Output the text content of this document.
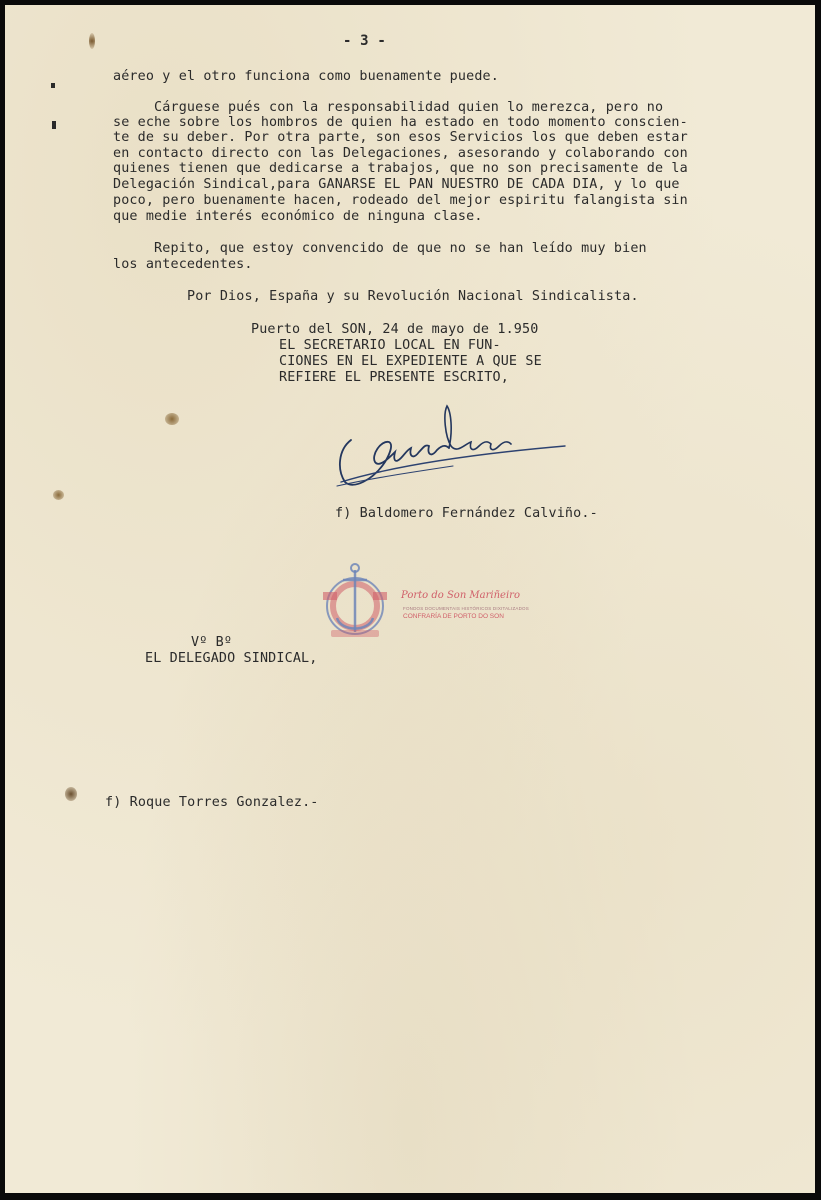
- 3 -
aéreo y el otro funciona como buenamente puede.
Cárguese pués con la responsabilidad quien lo merezca, pero no
se eche sobre los hombros de quien ha estado en todo momento conscien-
te de su deber. Por otra parte, son esos Servicios los que deben estar
en contacto directo con las Delegaciones, asesorando y colaborando con
quienes tienen que dedicarse a trabajos, que no son precisamente de la
Delegación Sindical,para GANARSE EL PAN NUESTRO DE CADA DIA, y lo que
poco, pero buenamente hacen, rodeado del mejor espiritu falangista sin
que medie interés económico de ninguna clase.
Repito, que estoy convencido de que no se han leído muy bien
los antecedentes.
Por Dios, España y su Revolución Nacional Sindicalista.
Puerto del SON, 24 de mayo de 1.950
EL SECRETARIO LOCAL EN FUN-
CIONES EN EL EXPEDIENTE A QUE SE
REFIERE EL PRESENTE ESCRITO,
f) Baldomero Fernández Calviño.-
Porto do Son Mariñeiro
FONDOS DOCUMENTAIS HISTÓRICOS DIXITALIZADOS
CONFRARÍA DE PORTO DO SON
Vº Bº
EL DELEGADO SINDICAL,
f) Roque Torres Gonzalez.-
